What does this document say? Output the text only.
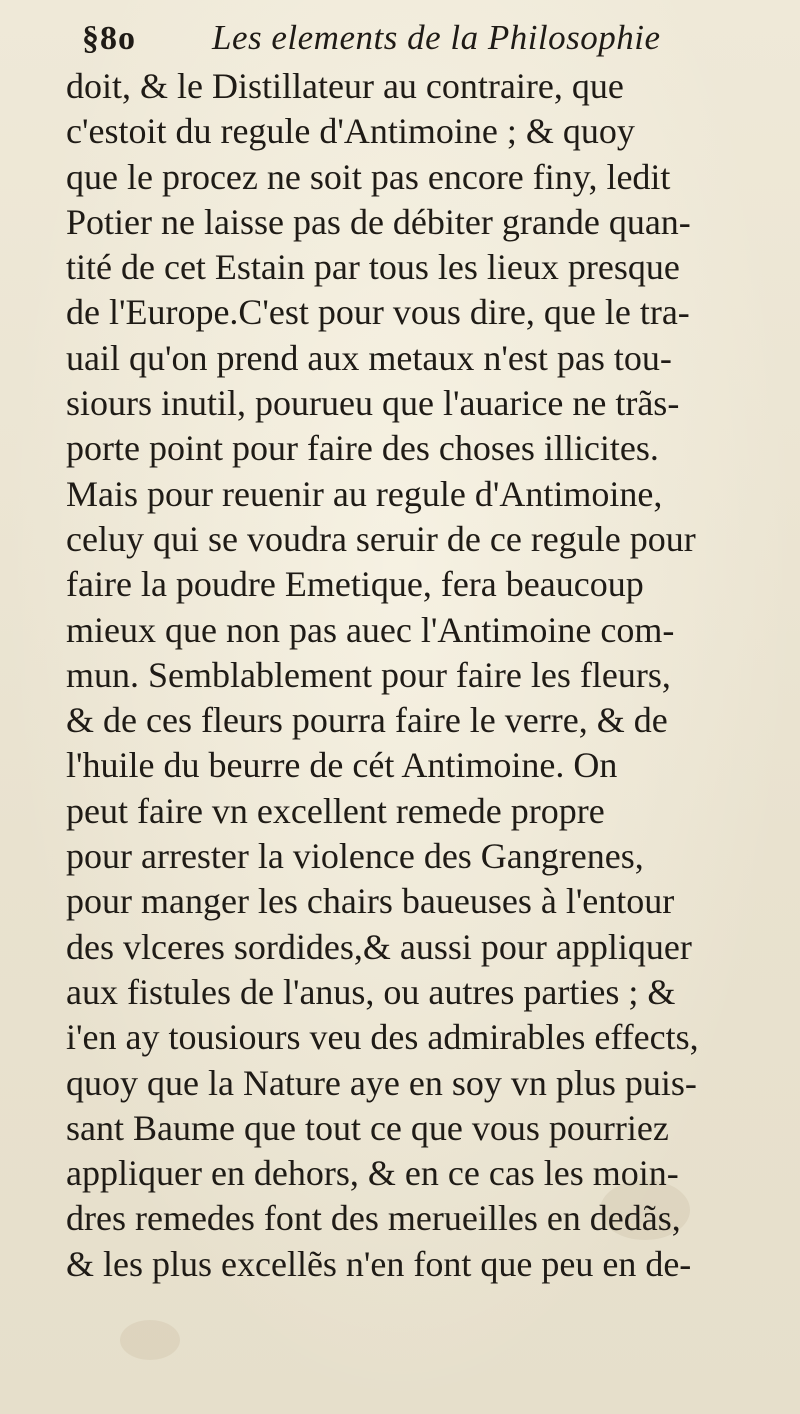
§8o	Les elements de la Philosophie
doit, & le Distillateur au contraire, que
c'estoit du regule d'Antimoine ; & quoy
que le procez ne soit pas encore finy, ledit
Potier ne laisse pas de débiter grande quan-
tité de cet Estain par tous les lieux presque
de l'Europe.C'est pour vous dire, que le tra-
uail qu'on prend aux metaux n'est pas tou-
siours inutil, pourueu que l'auarice ne trãs-
porte point pour faire des choses illicites.
Mais pour reuenir au regule d'Antimoine,
celuy qui se voudra seruir de ce regule pour
faire la poudre Emetique, fera beaucoup
mieux que non pas auec l'Antimoine com-
mun. Semblablement pour faire les fleurs,
& de ces fleurs pourra faire le verre, & de
l'huile du beurre de cét Antimoine. On
peut faire vn excellent remede propre
pour arrester la violence des Gangrenes,
pour manger les chairs baueuses à l'entour
des vlceres sordides,& aussi pour appliquer
aux fistules de l'anus, ou autres parties ; &
i'en ay tousiours veu des admirables effects,
quoy que la Nature aye en soy vn plus puis-
sant Baume que tout ce que vous pourriez
appliquer en dehors, & en ce cas les moin-
dres remedes font des merueilles en dedãs,
& les plus excellẽs n'en font que peu en de-
